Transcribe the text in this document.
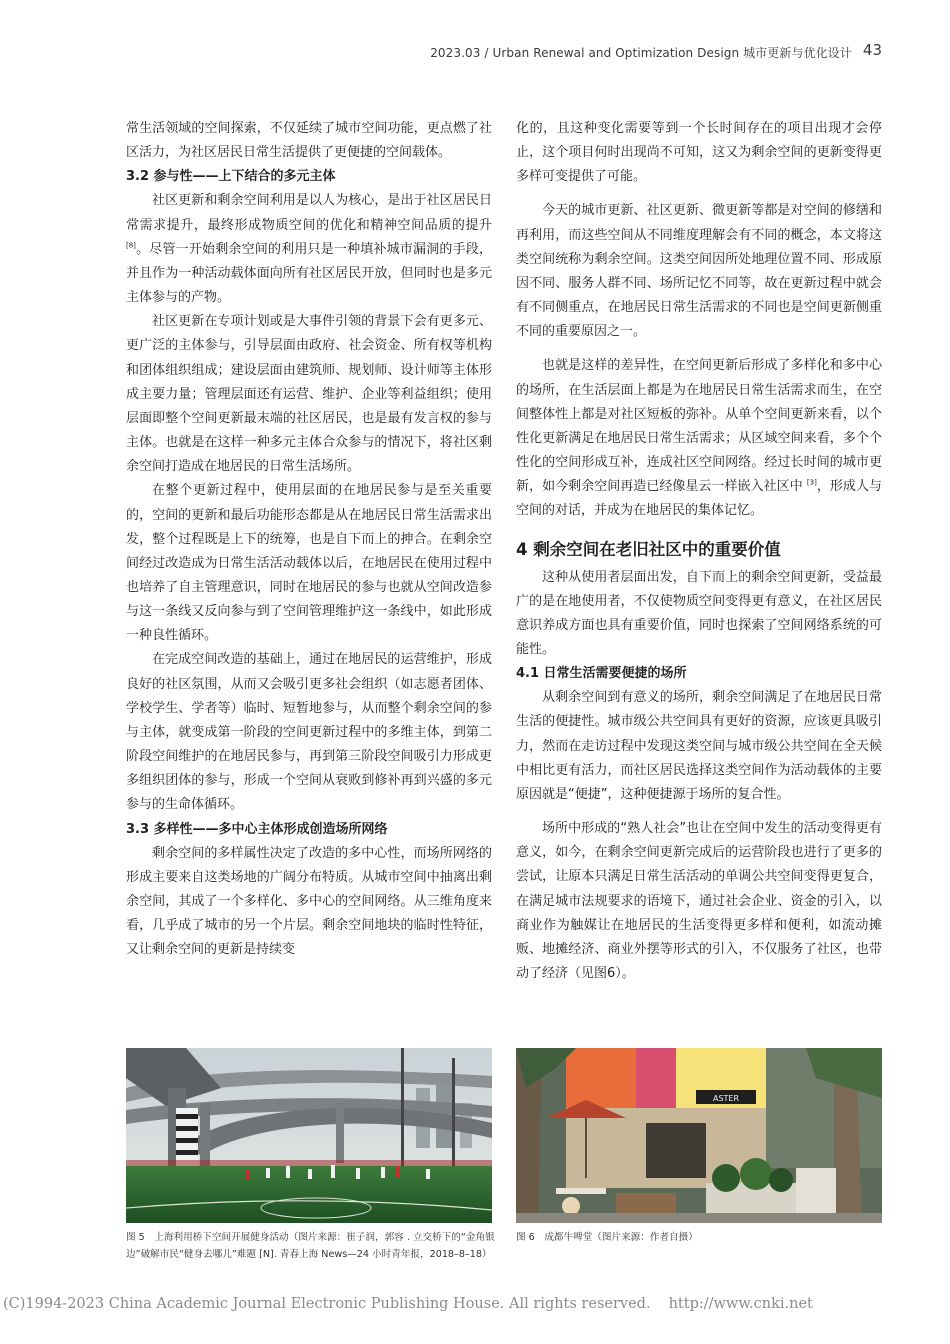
2023.03 / Urban Renewal and Optimization Design 城市更新与优化设计 43

常生活领域的空间探索，不仅延续了城市空间功能，更点燃了社区活力，为社区居民日常生活提供了更便捷的空间载体。

3.2 参与性——上下结合的多元主体

社区更新和剩余空间利用是以人为核心，是出于社区居民日常需求提升，最终形成物质空间的优化和精神空间品质的提升 [8]。尽管一开始剩余空间的利用只是一种填补城市漏洞的手段，并且作为一种活动载体面向所有社区居民开放，但同时也是多元主体参与的产物。

社区更新在专项计划或是大事件引领的背景下会有更多元、更广泛的主体参与，引导层面由政府、社会资金、所有权等机构和团体组织组成；建设层面由建筑师、规划师、设计师等主体形成主要力量；管理层面还有运营、维护、企业等利益组织；使用层面即整个空间更新最末端的社区居民，也是最有发言权的参与主体。也就是在这样一种多元主体合众参与的情况下，将社区剩余空间打造成在地居民的日常生活场所。

在整个更新过程中，使用层面的在地居民参与是至关重要的，空间的更新和最后功能形态都是从在地居民日常生活需求出发，整个过程既是上下的统筹，也是自下而上的抻合。在剩余空间经过改造成为日常生活活动载体以后，在地居民在使用过程中也培养了自主管理意识，同时在地居民的参与也就从空间改造参与这一条线又反向参与到了空间管理维护这一条线中，如此形成一种良性循环。

在完成空间改造的基础上，通过在地居民的运营维护，形成良好的社区氛围，从而又会吸引更多社会组织（如志愿者团体、学校学生、学者等）临时、短暂地参与，从而整个剩余空间的参与主体，就变成第一阶段的空间更新过程中的多维主体，到第二阶段空间维护的在地居民参与，再到第三阶段空间吸引力形成更多组织团体的参与，形成一个空间从衰败到修补再到兴盛的多元参与的生命体循环。

3.3 多样性——多中心主体形成创造场所网络

剩余空间的多样属性决定了改造的多中心性，而场所网络的形成主要来自这类场地的广阔分布特质。从城市空间中抽离出剩余空间，其成了一个多样化、多中心的空间网络。从三维角度来看，几乎成了城市的另一个片层。剩余空间地块的临时性特征，又让剩余空间的更新是持续变

化的，且这种变化需要等到一个长时间存在的项目出现才会停止，这个项目何时出现尚不可知，这又为剩余空间的更新变得更多样可变提供了可能。

今天的城市更新、社区更新、微更新等都是对空间的修缮和再利用，而这些空间从不同维度理解会有不同的概念，本文将这类空间统称为剩余空间。这类空间因所处地理位置不同、形成原因不同、服务人群不同、场所记忆不同等，故在更新过程中就会有不同侧重点，在地居民日常生活需求的不同也是空间更新侧重不同的重要原因之一。

也就是这样的差异性，在空间更新后形成了多样化和多中心的场所，在生活层面上都是为在地居民日常生活需求而生，在空间整体性上都是对社区短板的弥补。从单个空间更新来看，以个性化更新满足在地居民日常生活需求；从区域空间来看，多个个性化的空间形成互补，连成社区空间网络。经过长时间的城市更新，如今剩余空间再造已经像星云一样嵌入社区中 [3]，形成人与空间的对话，并成为在地居民的集体记忆。

4 剩余空间在老旧社区中的重要价值

这种从使用者层面出发，自下而上的剩余空间更新，受益最广的是在地使用者，不仅使物质空间变得更有意义，在社区居民意识养成方面也具有重要价值，同时也探索了空间网络系统的可能性。

4.1 日常生活需要便捷的场所

从剩余空间到有意义的场所，剩余空间满足了在地居民日常生活的便捷性。城市级公共空间具有更好的资源，应该更具吸引力，然而在走访过程中发现这类空间与城市级公共空间在全天候中相比更有活力，而社区居民选择这类空间作为活动载体的主要原因就是“便捷”，这种便捷源于场所的复合性。

场所中形成的“熟人社会”也让在空间中发生的活动变得更有意义，如今，在剩余空间更新完成后的运营阶段也进行了更多的尝试，让原本只满足日常生活活动的单调公共空间变得更复合，在满足城市法规要求的语境下，通过社会企业、资金的引入，以商业作为触媒让在地居民的生活变得更多样和便利，如流动摊贩、地摊经济、商业外摆等形式的引入，不仅服务了社区，也带动了经济（见图6）。

图 5　上海利用桥下空间开展健身活动（图片来源：崔子润，郭容 . 立交桥下的“金角银边”破解市民“健身去哪儿”难题 [N]. 青春上海 News—24 小时青年报，2018–8–18）
ASTER
图 6　成都牛啤堂（图片来源：作者自摄）
(C)1994-2023 China Academic Journal Electronic Publishing House. All rights reserved. http://www.cnki.net
